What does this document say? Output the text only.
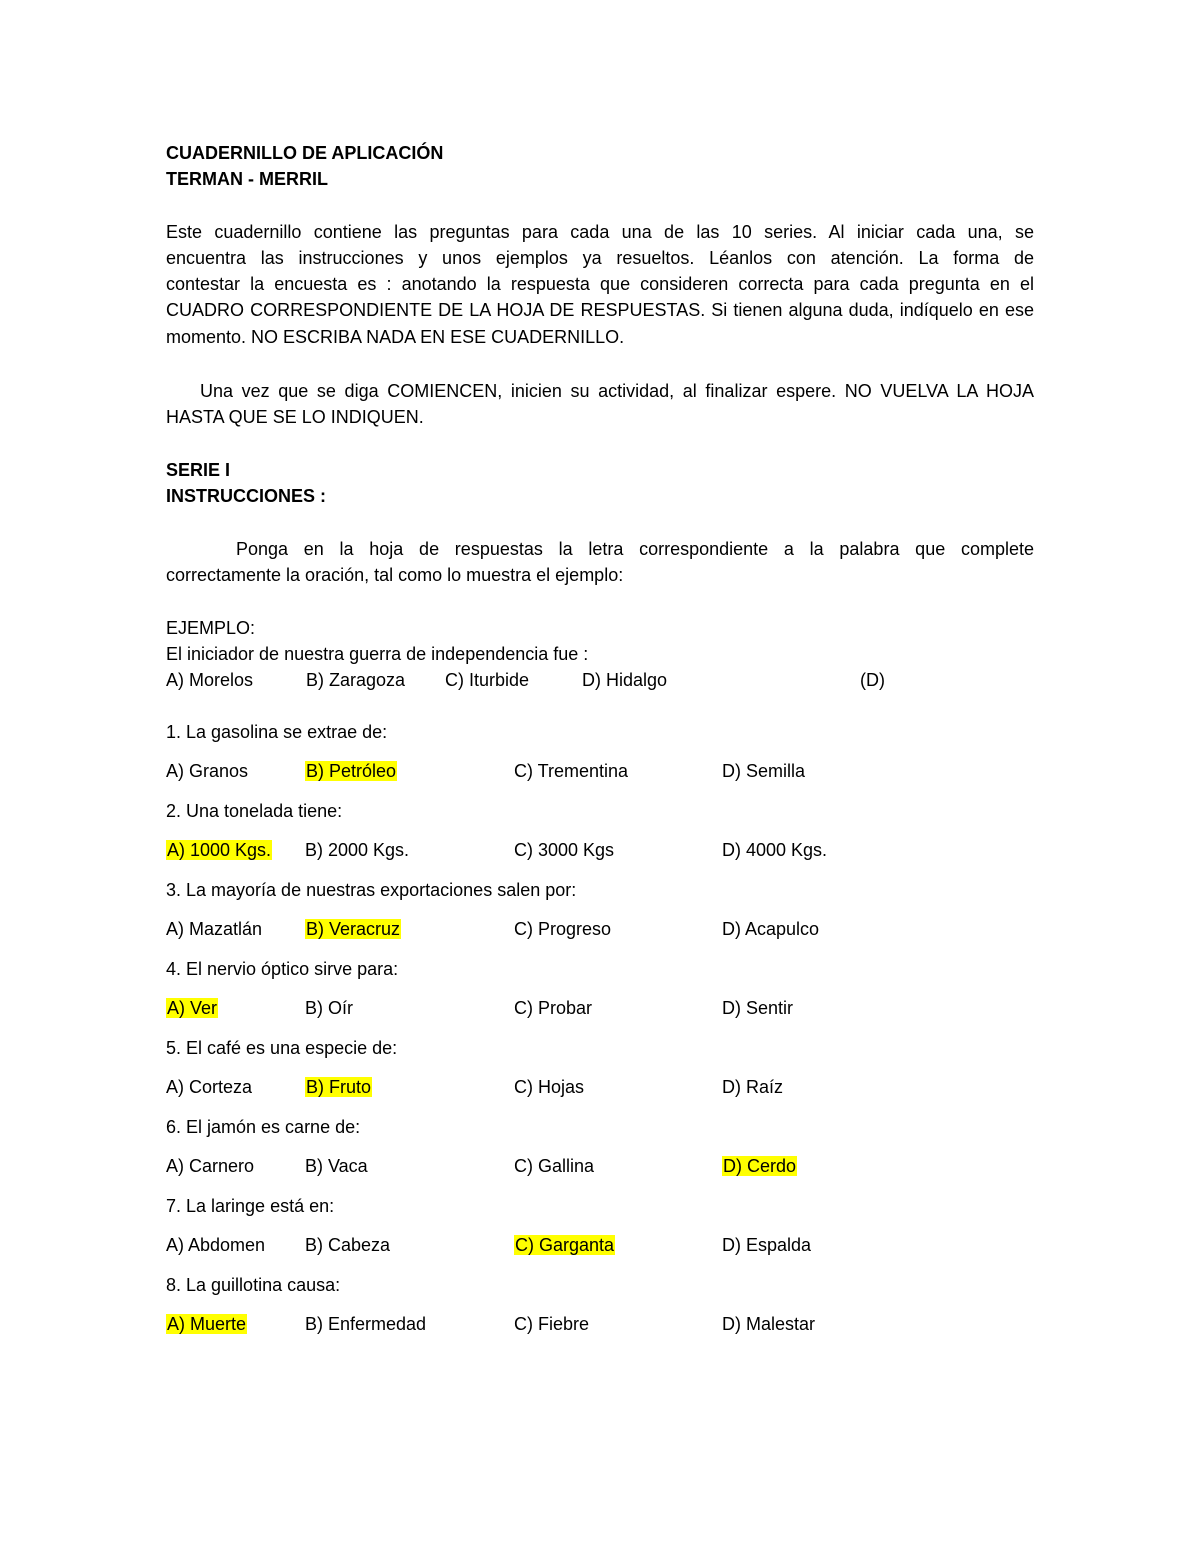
CUADERNILLO DE APLICACIÓN
TERMAN - MERRIL
Este cuadernillo contiene las preguntas para cada una de las 10 series. Al iniciar cada una, se
encuentra las instrucciones y unos ejemplos ya resueltos. Léanlos con atención. La forma de
contestar la encuesta es : anotando la respuesta que consideren correcta para cada pregunta en el
CUADRO CORRESPONDIENTE DE LA HOJA DE RESPUESTAS. Si tienen alguna duda, indíquelo en ese
momento. NO ESCRIBA NADA EN ESE CUADERNILLO.
Una vez que se diga COMIENCEN, inicien su actividad, al finalizar espere. NO VUELVA LA HOJA
HASTA QUE SE LO INDIQUEN.
SERIE I
INSTRUCCIONES :
Ponga en la hoja de respuestas la letra correspondiente a la palabra que complete
correctamente la oración, tal como lo muestra el ejemplo:
EJEMPLO:
El iniciador de nuestra guerra de independencia fue :
A) Morelos	B) Zaragoza C) Iturbide	D) Hidalgo	(D)
1. La gasolina se extrae de:
A) Granos	B) Petróleo	C) Trementina	D) Semilla
2. Una tonelada tiene:
A) 1000 Kgs. B) 2000 Kgs.	C) 3000 Kgs	D) 4000 Kgs.
3. La mayoría de nuestras exportaciones salen por:
A) Mazatlán B) Veracruz	C) Progreso	D) Acapulco
4. El nervio óptico sirve para:
A) Ver	B) Oír	C) Probar	D) Sentir
5. El café es una especie de:
A) Corteza	B) Fruto	C) Hojas	D) Raíz
6. El jamón es carne de:
A) Carnero	B) Vaca	C) Gallina	D) Cerdo
7. La laringe está en:
A) Abdomen B) Cabeza	C) Garganta	D) Espalda
8. La guillotina causa:
A) Muerte	B) Enfermedad	C) Fiebre	D) Malestar
